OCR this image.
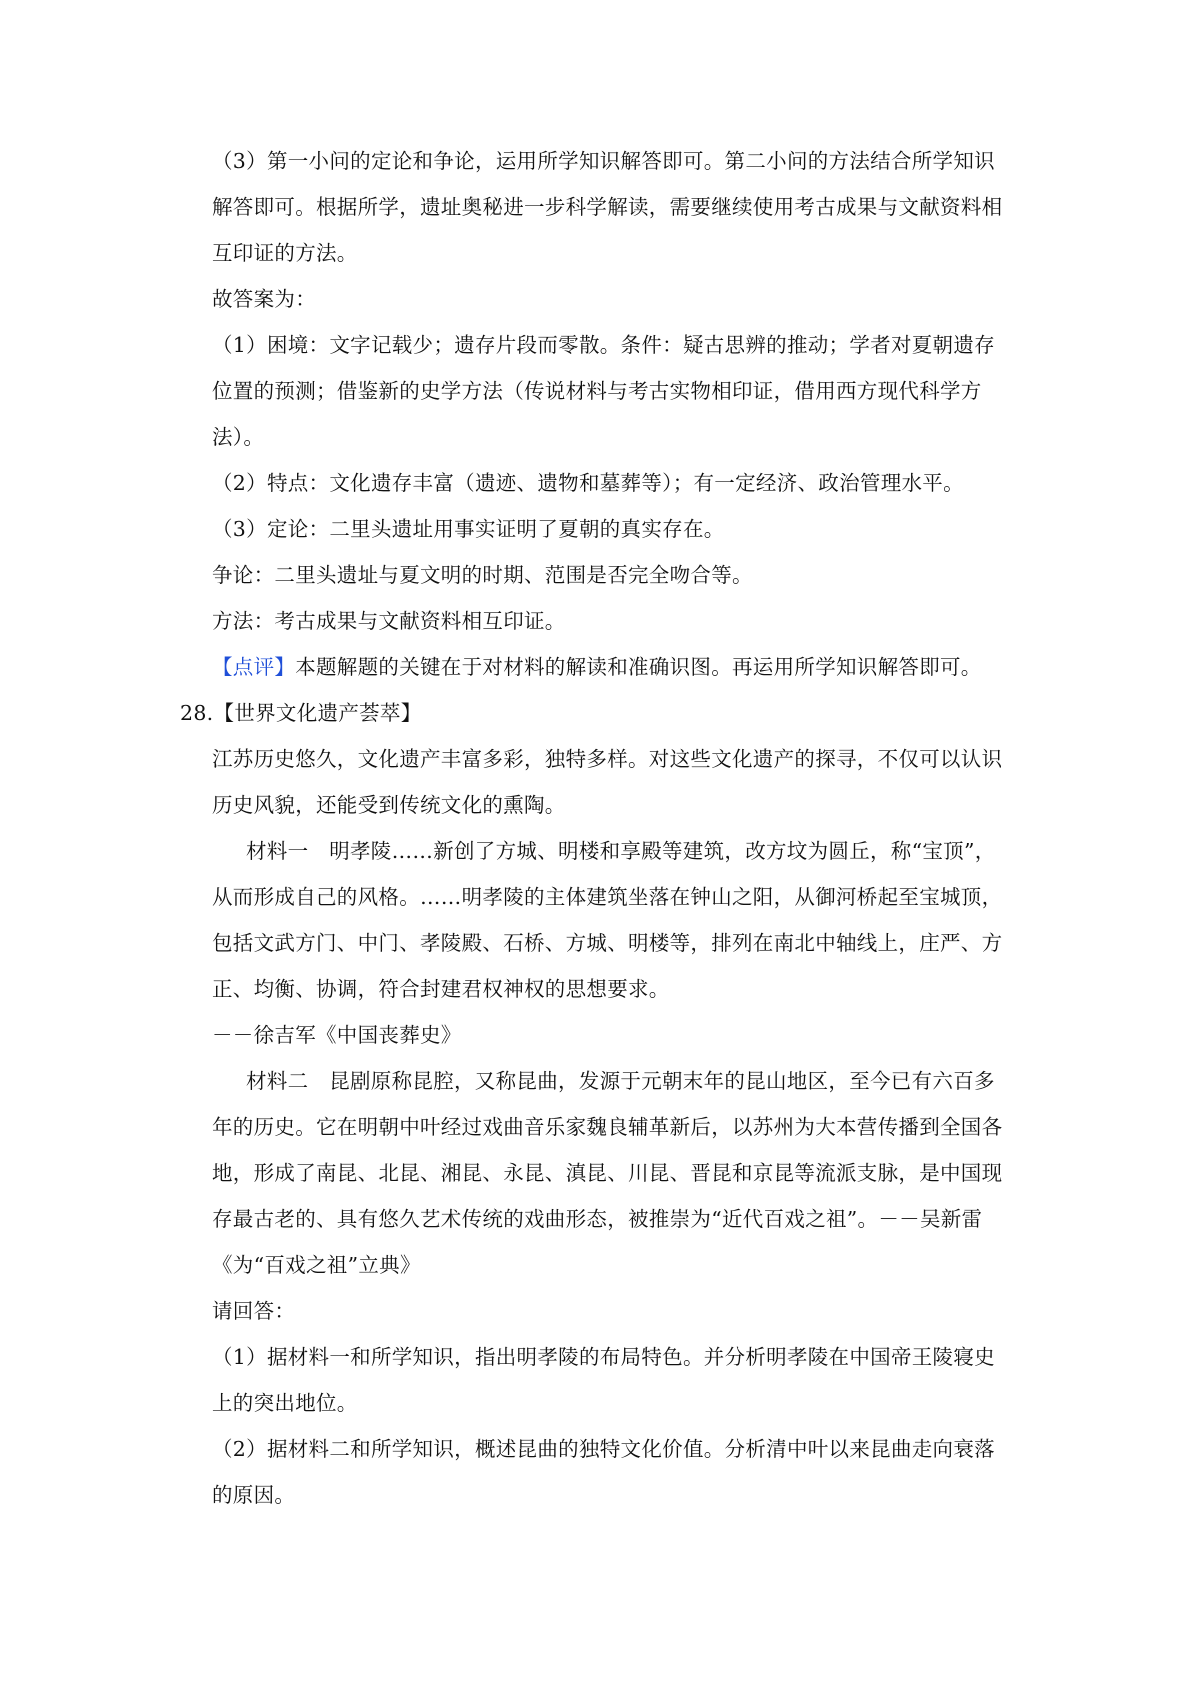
（3）第一小问的定论和争论，运用所学知识解答即可。第二小问的方法结合所学知识
解答即可。根据所学，遗址奥秘进一步科学解读，需要继续使用考古成果与文献资料相
互印证的方法。
故答案为：
（1）困境：文字记载少；遗存片段而零散。条件：疑古思辨的推动；学者对夏朝遗存
位置的预测；借鉴新的史学方法（传说材料与考古实物相印证，借用西方现代科学方
法）。
（2）特点：文化遗存丰富（遗迹、遗物和墓葬等）；有一定经济、政治管理水平。
（3）定论：二里头遗址用事实证明了夏朝的真实存在。
争论：二里头遗址与夏文明的时期、范围是否完全吻合等。
方法：考古成果与文献资料相互印证。
【点评】本题解题的关键在于对材料的解读和准确识图。再运用所学知识解答即可。
28.【世界文化遗产荟萃】
江苏历史悠久，文化遗产丰富多彩，独特多样。对这些文化遗产的探寻，不仅可以认识
历史风貌，还能受到传统文化的熏陶。
材料一　明孝陵……新创了方城、明楼和享殿等建筑，改方坟为圆丘，称“宝顶”，
从而形成自己的风格。……明孝陵的主体建筑坐落在钟山之阳，从御河桥起至宝城顶，
包括文武方门、中门、孝陵殿、石桥、方城、明楼等，排列在南北中轴线上，庄严、方
正、均衡、协调，符合封建君权神权的思想要求。
－－徐吉军《中国丧葬史》
材料二　昆剧原称昆腔，又称昆曲，发源于元朝末年的昆山地区，至今已有六百多
年的历史。它在明朝中叶经过戏曲音乐家魏良辅革新后，以苏州为大本营传播到全国各
地，形成了南昆、北昆、湘昆、永昆、滇昆、川昆、晋昆和京昆等流派支脉，是中国现
存最古老的、具有悠久艺术传统的戏曲形态，被推崇为“近代百戏之祖”。－－吴新雷
《为“百戏之祖”立典》
请回答：
（1）据材料一和所学知识，指出明孝陵的布局特色。并分析明孝陵在中国帝王陵寝史
上的突出地位。
（2）据材料二和所学知识，概述昆曲的独特文化价值。分析清中叶以来昆曲走向衰落
的原因。
